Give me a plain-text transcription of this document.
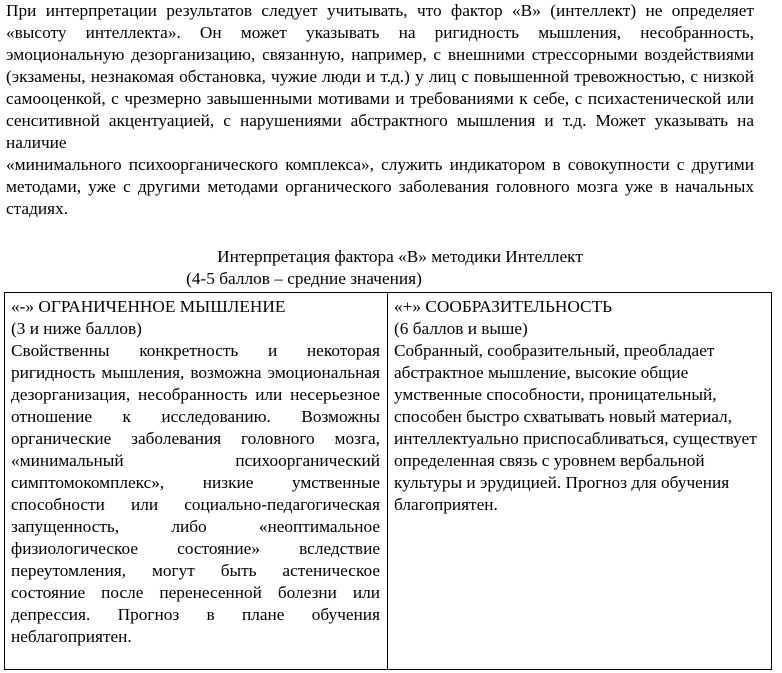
При интерпретации результатов следует учитывать, что фактор «В» (интеллект) не определяет «высоту интеллекта». Он может указывать на ригидность мышления, несобранность, эмоциональную дезорганизацию, связанную, например, с внешними стрессорными воздействиями (экзамены, незнакомая обстановка, чужие люди и т.д.) у лиц с повышенной тревожностью, с низкой самооценкой, с чрезмерно завышенными мотивами и требованиями к себе, с психастенической или сенситивной акцентуацией, с нарушениями абстрактного мышления и т.д. Может указывать на наличие

«минимального психоорганического комплекса», служить индикатором в совокупности с другими методами, уже с другими методами органического заболевания головного мозга уже в начальных стадиях.

Интерпретация фактора «В» методики Интеллект

(4-5 баллов – средние значения)

«-» ОГРАНИЧЕННОЕ МЫШЛЕНИЕ

(3 и ниже баллов)

Свойственны конкретность и некоторая ригидность мышления, возможна эмоциональная дезорганизация, несобранность или несерьезное отношение к исследованию. Возможны органические заболевания головного мозга, «минимальный психоорганический симптомокомплекс», низкие умственные способности или социально-педагогическая запущенность, либо «неоптимальное физиологическое состояние» вследствие переутомления, могут быть астеническое состояние после перенесенной болезни или депрессия. Прогноз в плане обучения неблагоприятен.

«+» СООБРАЗИТЕЛЬНОСТЬ

(6 баллов и выше)

Собранный, сообразительный, преобладает абстрактное мышление, высокие общие умственные способности, проницательный, способен быстро схватывать новый материал, интеллектуально приспосабливаться, существует определенная связь с уровнем вербальной культуры и эрудицией. Прогноз для обучения благоприятен.
